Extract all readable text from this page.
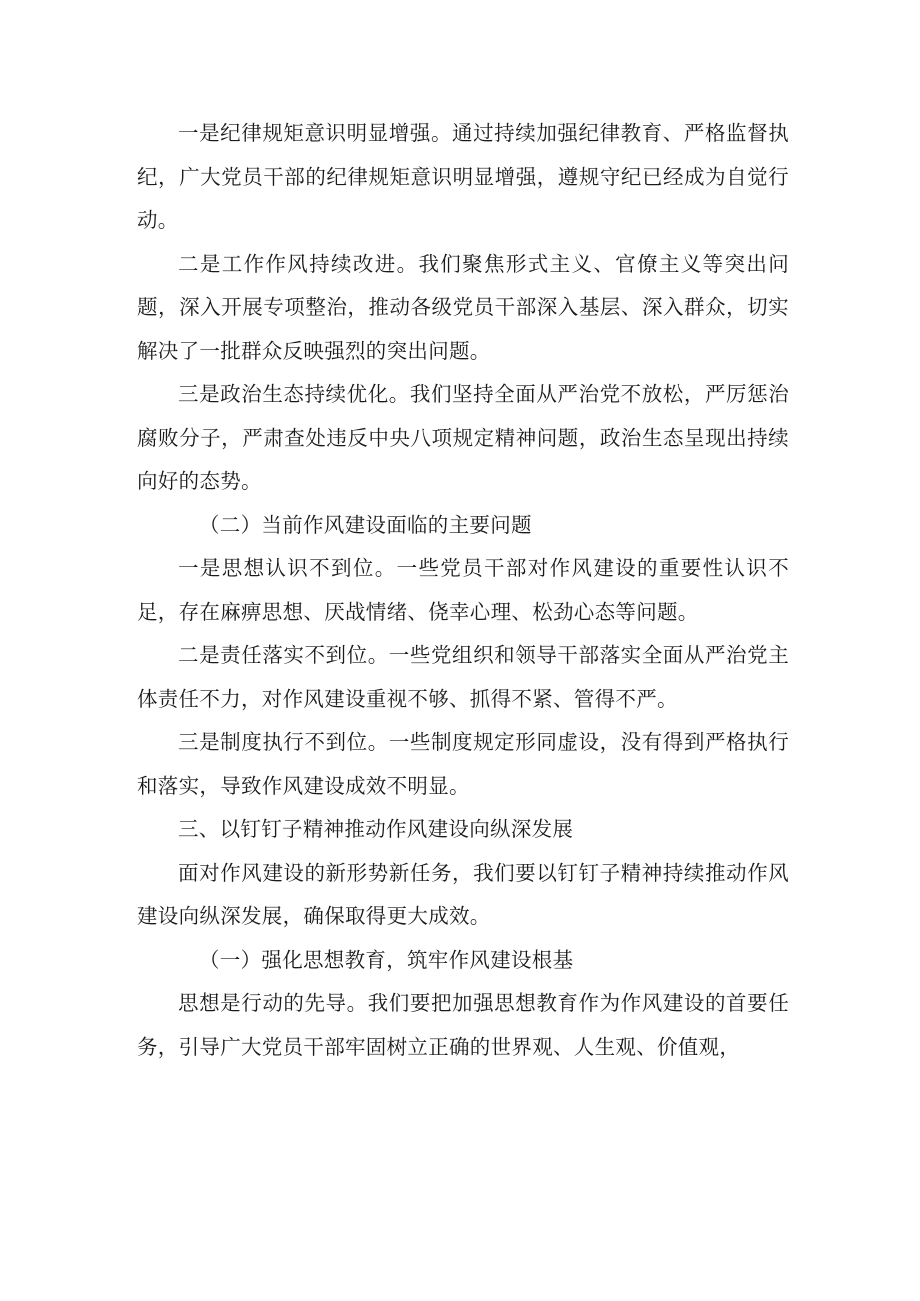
一是纪律规矩意识明显增强。通过持续加强纪律教育、严格监督执纪，广大党员干部的纪律规矩意识明显增强，遵规守纪已经成为自觉行动。

二是工作作风持续改进。我们聚焦形式主义、官僚主义等突出问题，深入开展专项整治，推动各级党员干部深入基层、深入群众，切实解决了一批群众反映强烈的突出问题。

三是政治生态持续优化。我们坚持全面从严治党不放松，严厉惩治腐败分子，严肃查处违反中央八项规定精神问题，政治生态呈现出持续向好的态势。

（二）当前作风建设面临的主要问题

一是思想认识不到位。一些党员干部对作风建设的重要性认识不足，存在麻痹思想、厌战情绪、侥幸心理、松劲心态等问题。

二是责任落实不到位。一些党组织和领导干部落实全面从严治党主体责任不力，对作风建设重视不够、抓得不紧、管得不严。

三是制度执行不到位。一些制度规定形同虚设，没有得到严格执行和落实，导致作风建设成效不明显。

三、以钉钉子精神推动作风建设向纵深发展

面对作风建设的新形势新任务，我们要以钉钉子精神持续推动作风建设向纵深发展，确保取得更大成效。

（一）强化思想教育，筑牢作风建设根基

思想是行动的先导。我们要把加强思想教育作为作风建设的首要任务，引导广大党员干部牢固树立正确的世界观、人生观、价值观，
